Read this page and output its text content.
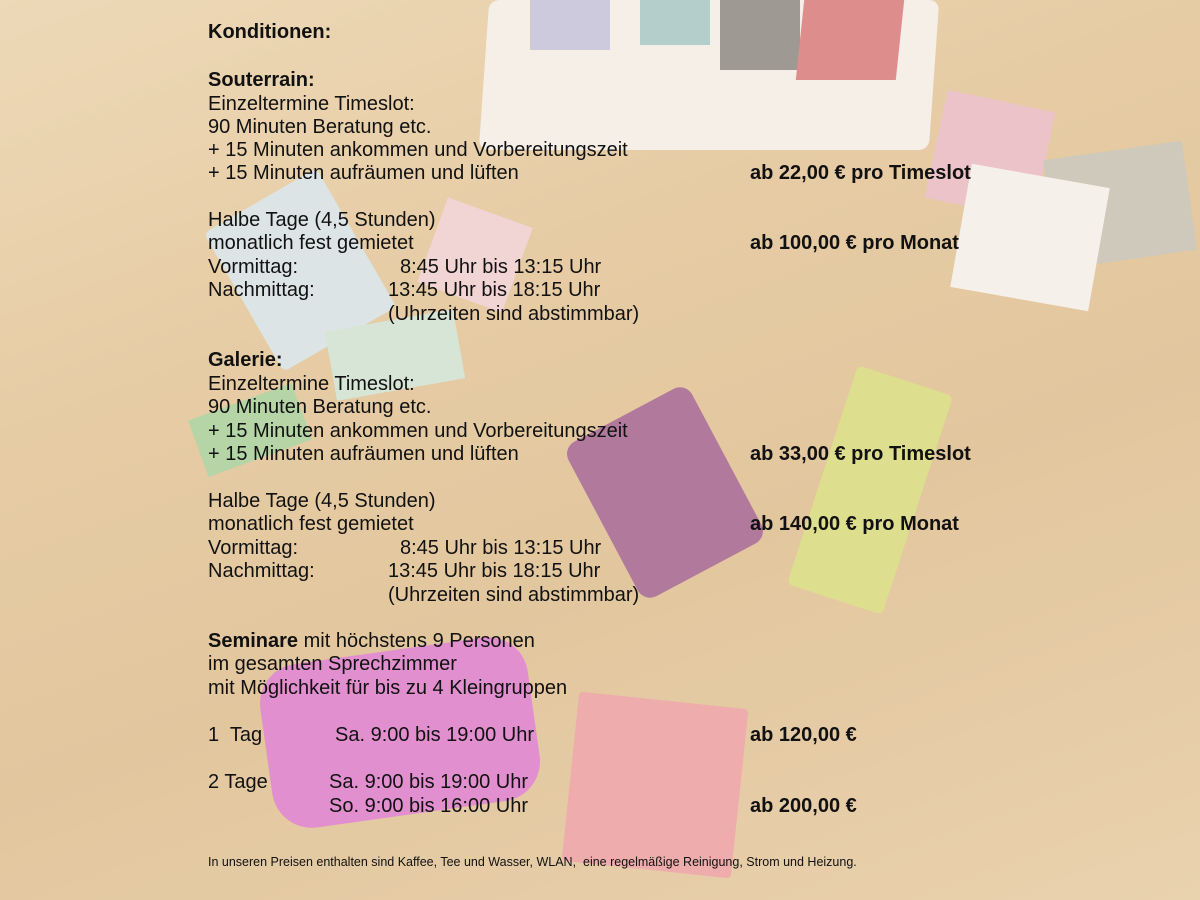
Konditionen:

Souterrain:

Einzeltermine Timeslot:

90 Minuten Beratung etc.

+ 15 Minuten ankommen und Vorbereitungszeit

+ 15 Minuten aufräumen und lüften	ab 22,00 € pro Timeslot

Halbe Tage (4,5 Stunden)

monatlich fest gemietet	ab 100,00 € pro Monat

Vormittag:	8:45 Uhr bis 13:15 Uhr

Nachmittag:	13:45 Uhr bis 18:15 Uhr

(Uhrzeiten sind abstimmbar)

Galerie:

Einzeltermine Timeslot:

90 Minuten Beratung etc.

+ 15 Minuten ankommen und Vorbereitungszeit

+ 15 Minuten aufräumen und lüften	ab 33,00 € pro Timeslot

Halbe Tage (4,5 Stunden)

monatlich fest gemietet	ab 140,00 € pro Monat

Vormittag:	8:45 Uhr bis 13:15 Uhr

Nachmittag:	13:45 Uhr bis 18:15 Uhr

(Uhrzeiten sind abstimmbar)

Seminare mit höchstens 9 Personen

im gesamten Sprechzimmer

mit Möglichkeit für bis zu 4 Kleingruppen

1  Tag	Sa. 9:00 bis 19:00 Uhr	ab 120,00 €

2 Tage	Sa. 9:00 bis 19:00 Uhr

So. 9:00 bis 16:00 Uhr	ab 200,00 €

In unseren Preisen enthalten sind Kaffee, Tee und Wasser, WLAN,  eine regelmäßige Reinigung, Strom und Heizung.
